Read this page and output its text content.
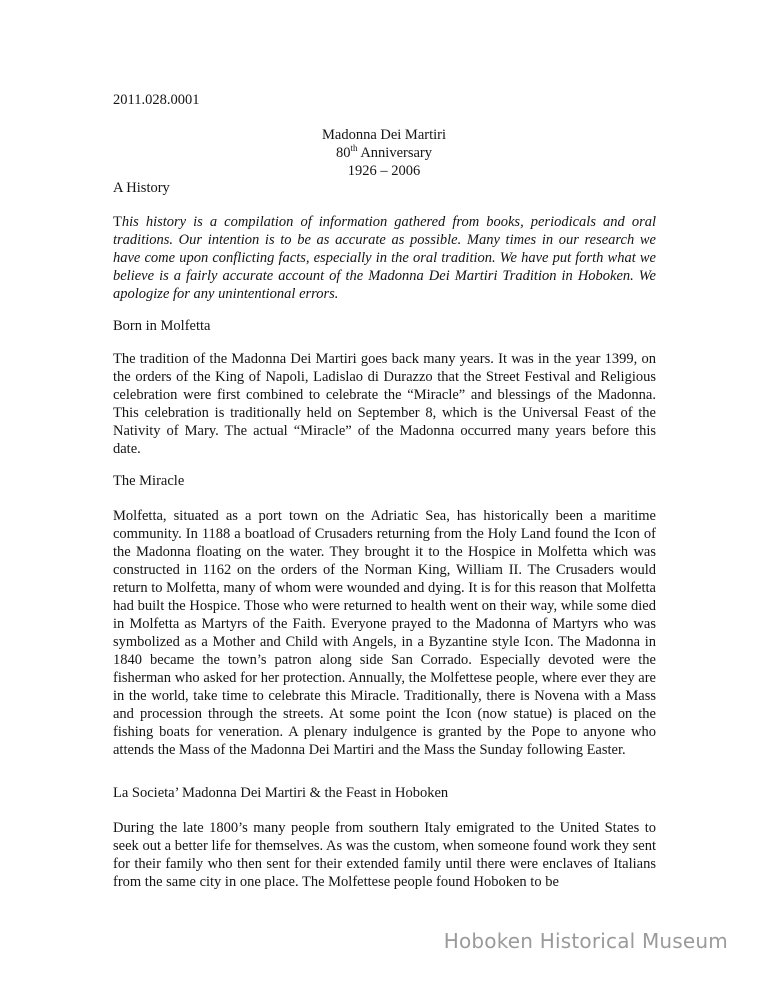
2011.028.0001
Madonna Dei Martiri
80th Anniversary
1926 – 2006
A History
This history is a compilation of information gathered from books, periodicals and oral traditions. Our intention is to be as accurate as possible. Many times in our research we have come upon conflicting facts, especially in the oral tradition. We have put forth what we believe is a fairly accurate account of the Madonna Dei Martiri Tradition in Hoboken. We apologize for any unintentional errors.
Born in Molfetta
The tradition of the Madonna Dei Martiri goes back many years. It was in the year 1399, on the orders of the King of Napoli, Ladislao di Durazzo that the Street Festival and Religious celebration were first combined to celebrate the “Miracle” and blessings of the Madonna. This celebration is traditionally held on September 8, which is the Universal Feast of the Nativity of Mary. The actual “Miracle” of the Madonna occurred many years before this date.
The Miracle
Molfetta, situated as a port town on the Adriatic Sea, has historically been a maritime community. In 1188 a boatload of Crusaders returning from the Holy Land found the Icon of the Madonna floating on the water. They brought it to the Hospice in Molfetta which was constructed in 1162 on the orders of the Norman King, William II. The Crusaders would return to Molfetta, many of whom were wounded and dying. It is for this reason that Molfetta had built the Hospice. Those who were returned to health went on their way, while some died in Molfetta as Martyrs of the Faith. Everyone prayed to the Madonna of Martyrs who was symbolized as a Mother and Child with Angels, in a Byzantine style Icon. The Madonna in 1840 became the town’s patron along side San Corrado. Especially devoted were the fisherman who asked for her protection. Annually, the Molfettese people, where ever they are in the world, take time to celebrate this Miracle. Traditionally, there is Novena with a Mass and procession through the streets. At some point the Icon (now statue) is placed on the fishing boats for veneration. A plenary indulgence is granted by the Pope to anyone who attends the Mass of the Madonna Dei Martiri and the Mass the Sunday following Easter.
La Societa’ Madonna Dei Martiri & the Feast in Hoboken
During the late 1800’s many people from southern Italy emigrated to the United States to seek out a better life for themselves. As was the custom, when someone found work they sent for their family who then sent for their extended family until there were enclaves of Italians from the same city in one place. The Molfettese people found Hoboken to be
Hoboken Historical Museum
